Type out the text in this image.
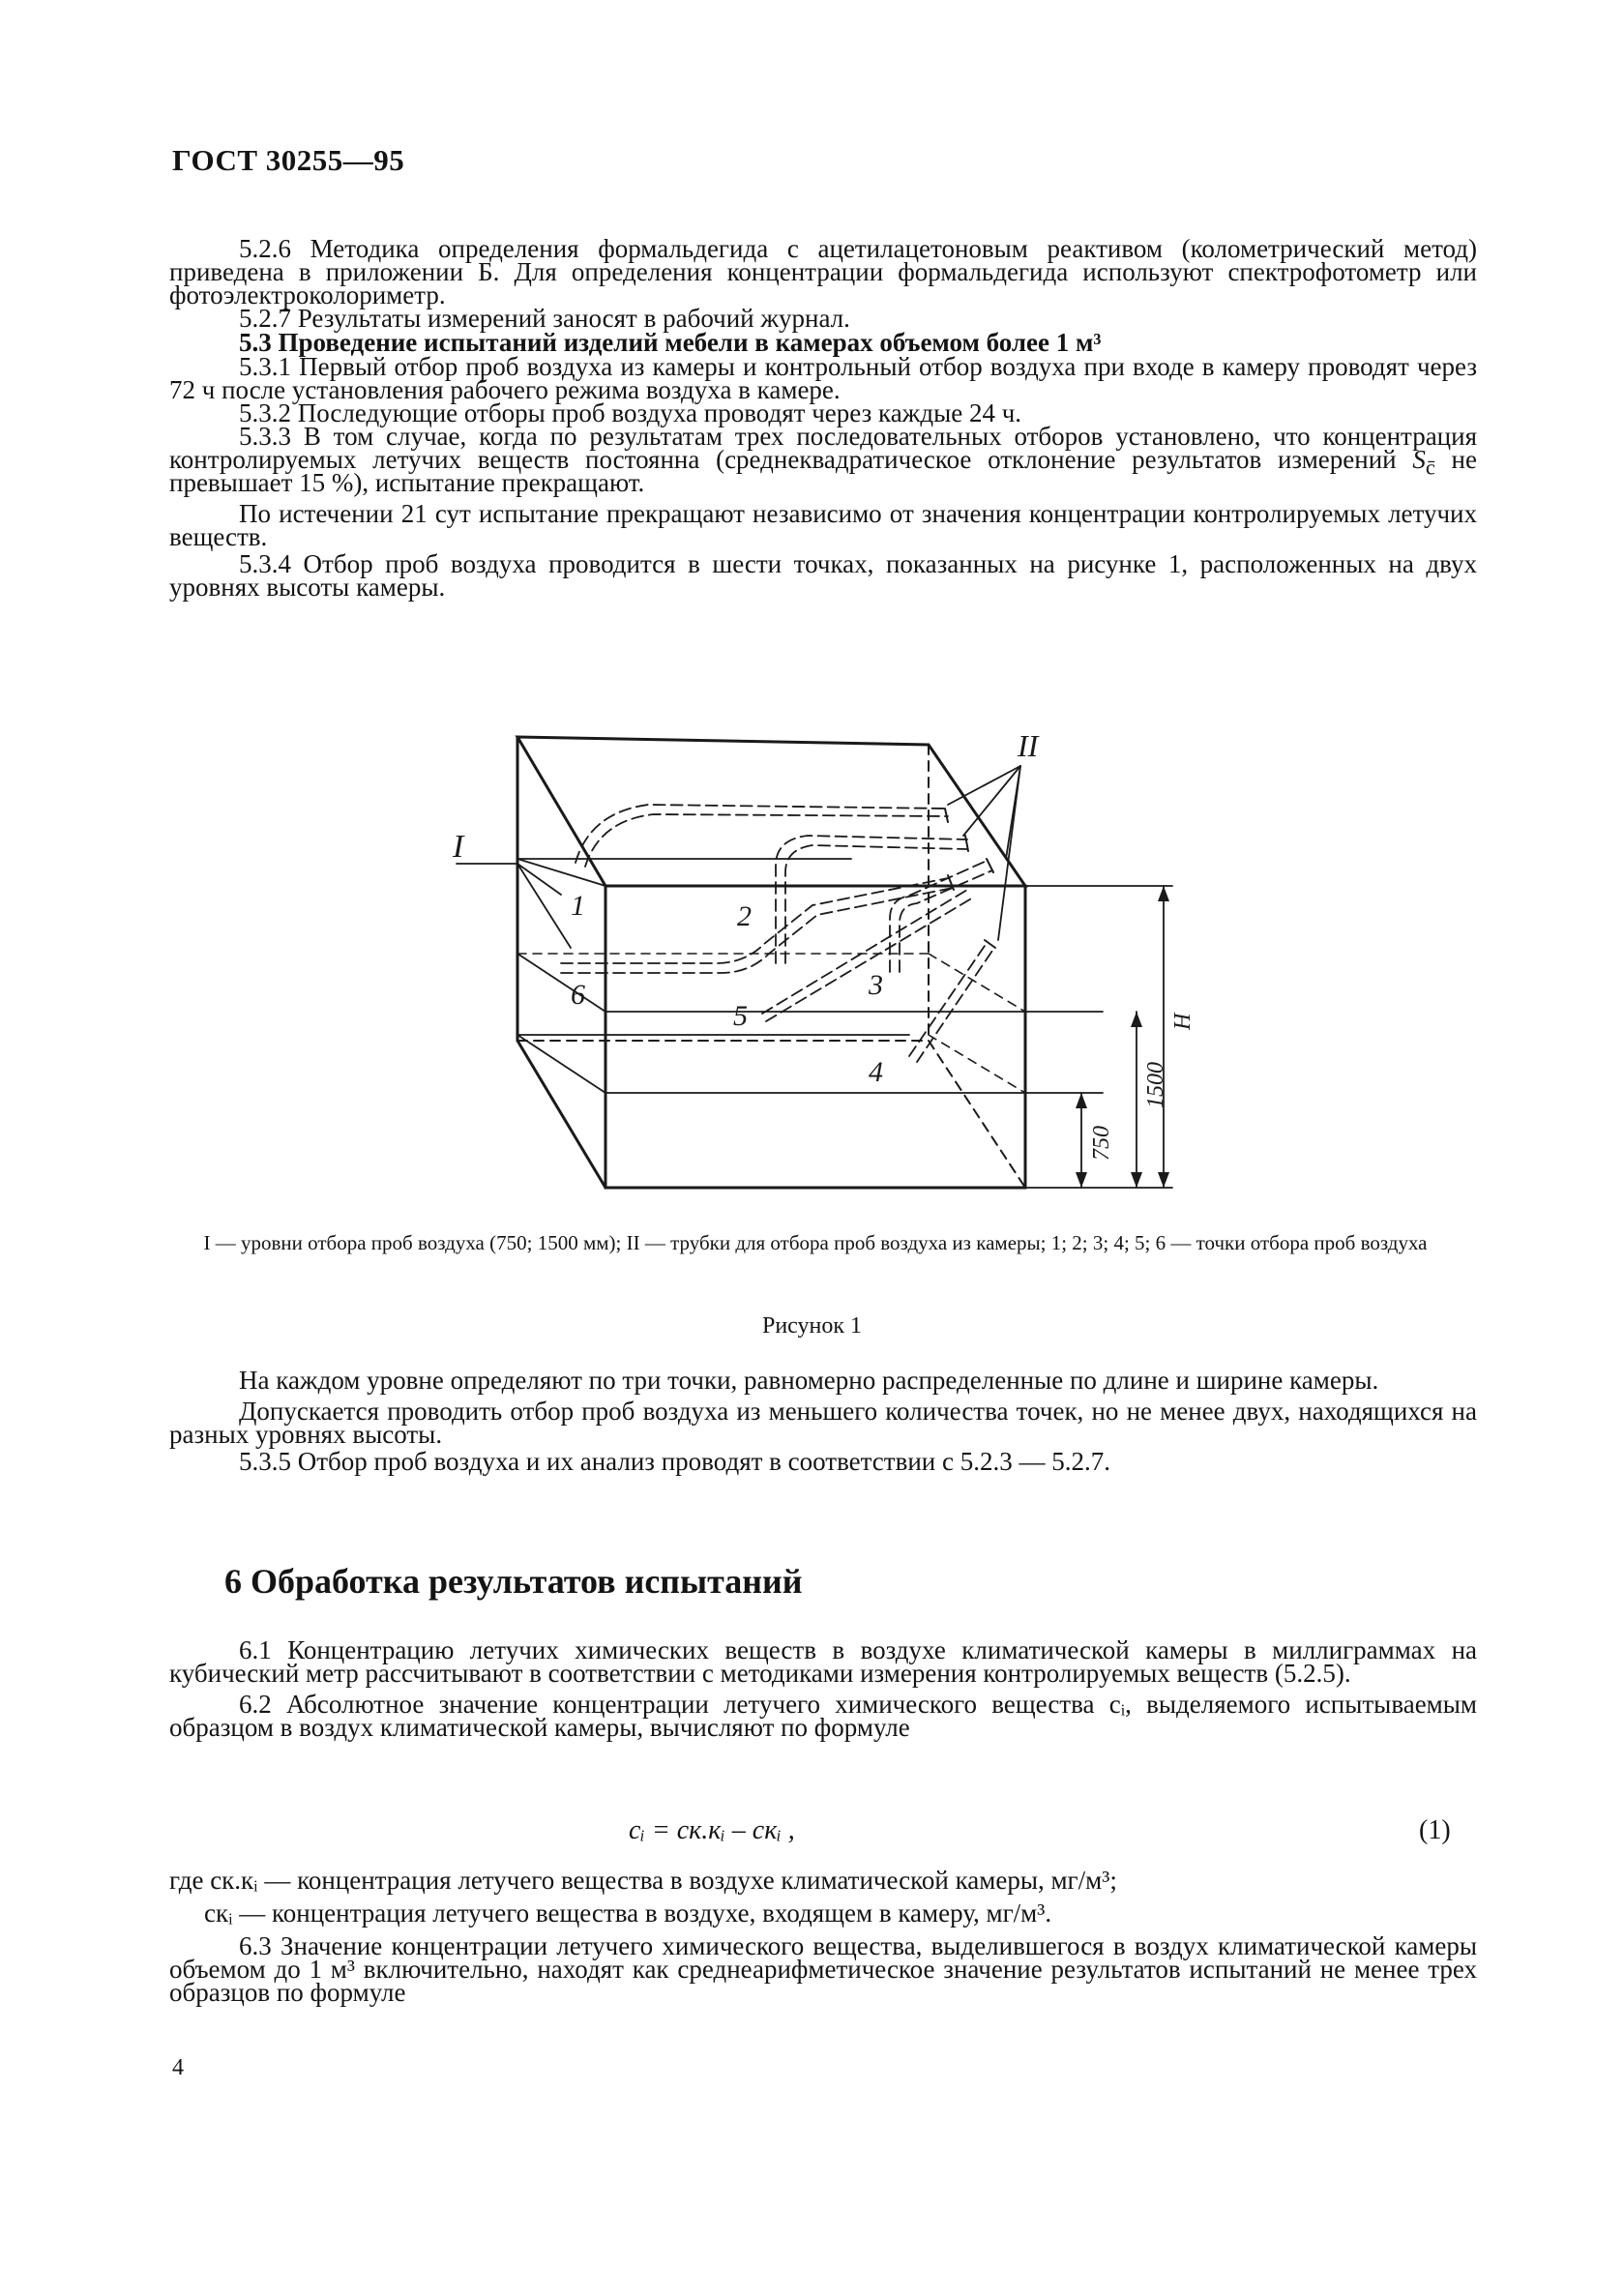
ГОСТ 30255—95

5.2.6 Методика определения формальдегида с ацетилацетоновым реактивом (колометрический метод) приведена в приложении Б. Для определения концентрации формальдегида используют спектрофотометр или фотоэлектроколориметр.

5.2.7 Результаты измерений заносят в рабочий журнал.

5.3 Проведение испытаний изделий мебели в камерах объемом более 1 м³

5.3.1 Первый отбор проб воздуха из камеры и контрольный отбор воздуха при входе в камеру проводят через 72 ч после установления рабочего режима воздуха в камере.

5.3.2 Последующие отборы проб воздуха проводят через каждые 24 ч.

5.3.3 В том случае, когда по результатам трех последовательных отборов установлено, что концентрация контролируемых летучих веществ постоянна (среднеквадратическое отклонение результатов измерений $S_{c̄}$ не превышает 15 %), испытание прекращают.

По истечении 21 сут испытание прекращают независимо от значения концентрации контролируемых летучих веществ.

5.3.4 Отбор проб воздуха проводится в шести точках, показанных на рисунке 1, расположенных на двух уровнях высоты камеры.

I
II
1	2
3
4
5
6
H
1500
750
I — уровни отбора проб воздуха (750; 1500 мм); II — трубки для отбора проб воздуха из камеры; 1; 2; 3; 4; 5; 6 — точки отбора проб воздуха
Рисунок 1

На каждом уровне определяют по три точки, равномерно распределенные по длине и ширине камеры.

Допускается проводить отбор проб воздуха из меньшего количества точек, но не менее двух, находящихся на разных уровнях высоты.

5.3.5 Отбор проб воздуха и их анализ проводят в соответствии с 5.2.3 — 5.2.7.

6 Обработка результатов испытаний

6.1 Концентрацию летучих химических веществ в воздухе климатической камеры в миллиграммах на кубический метр рассчитывают в соответствии с методиками измерения контролируемых веществ (5.2.5).

6.2 Абсолютное значение концентрации летучего химического вещества cᵢ, выделяемого испытываемым образцом в воздух климатической камеры, вычисляют по формуле

cᵢ = cк.кᵢ – cкᵢ ,	(1)

где cк.кᵢ — концентрация летучего вещества в воздухе климатической камеры, мг/м³;

cкᵢ — концентрация летучего вещества в воздухе, входящем в камеру, мг/м³.

6.3 Значение концентрации летучего химического вещества, выделившегося в воздух климатической камеры объемом до 1 м³ включительно, находят как среднеарифметическое значение результатов испытаний не менее трех образцов по формуле

4
